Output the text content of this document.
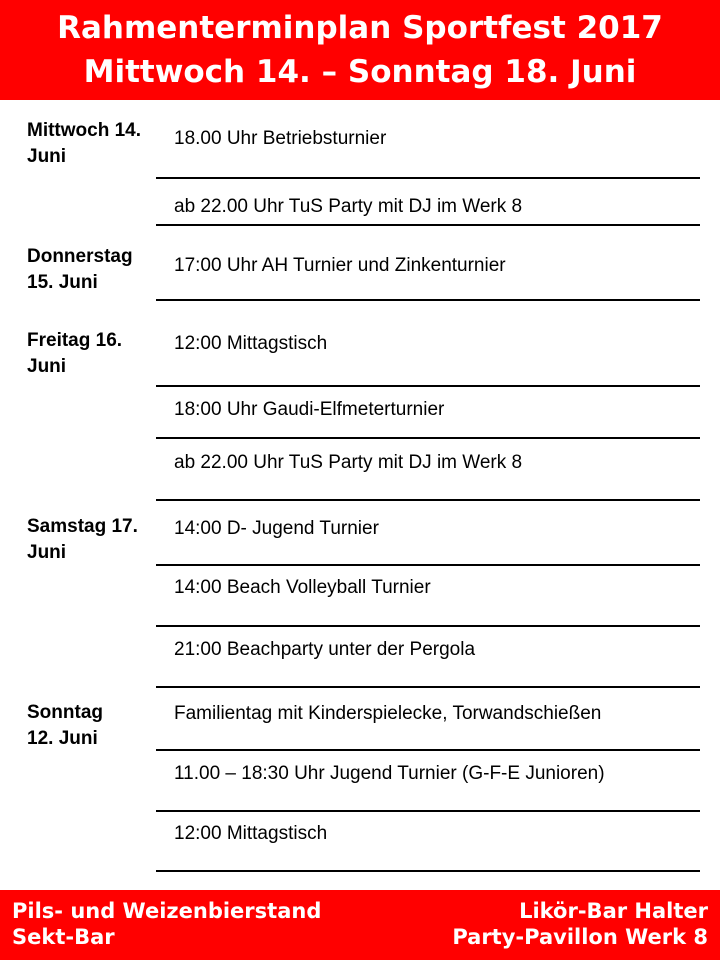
Rahmenterminplan Sportfest 2017
Mittwoch 14. – Sonntag 18. Juni
Mittwoch 14. Juni
Donnerstag 15. Juni
Freitag 16. Juni
Samstag 17. Juni
Sonntag 12. Juni
18.00 Uhr Betriebsturnier
ab 22.00 Uhr TuS Party mit DJ im Werk 8
17:00 Uhr AH Turnier und Zinkenturnier
12:00 Mittagstisch
18:00 Uhr Gaudi-Elfmeterturnier
ab 22.00 Uhr TuS Party mit DJ im Werk 8
14:00 D- Jugend Turnier
14:00 Beach Volleyball Turnier
21:00 Beachparty unter der Pergola
Familientag mit Kinderspielecke, Torwandschießen
11.00 – 18:30 Uhr Jugend Turnier (G-F-E Junioren)
12:00 Mittagstisch
Pils- und Weizenbierstand
Sekt-Bar
Likör-Bar Halter
Party-Pavillon Werk 8
